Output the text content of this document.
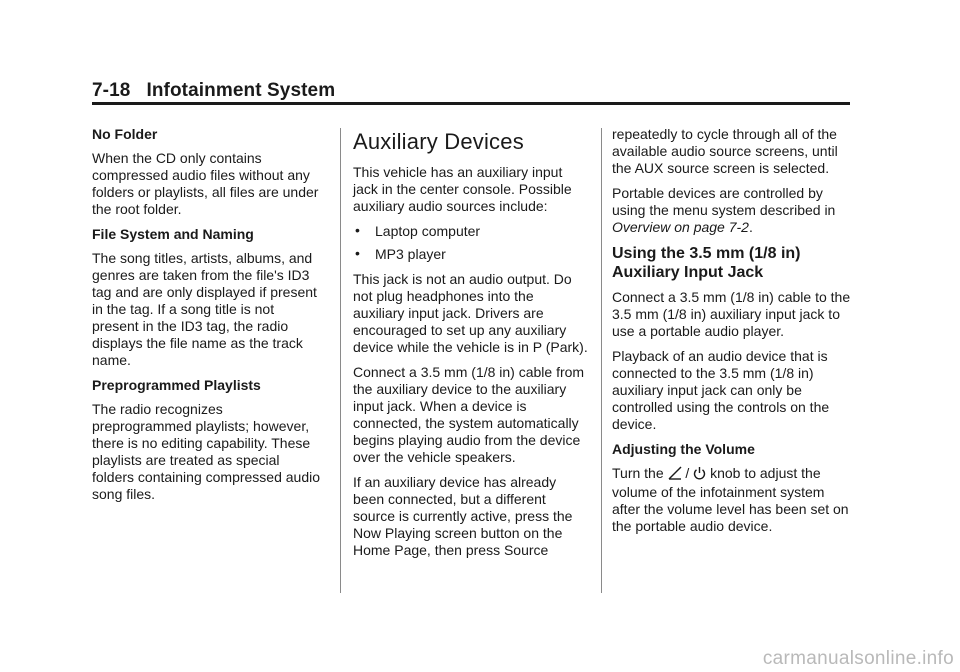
7-18 Infotainment System

No Folder

When the CD only contains compressed audio files without any folders or playlists, all files are under the root folder.

File System and Naming

The song titles, artists, albums, and genres are taken from the file's ID3 tag and are only displayed if present in the tag. If a song title is not present in the ID3 tag, the radio displays the file name as the track name.

Preprogrammed Playlists

The radio recognizes preprogrammed playlists; however, there is no editing capability. These playlists are treated as special folders containing compressed audio song files.

Auxiliary Devices

This vehicle has an auxiliary input jack in the center console. Possible auxiliary audio sources include:

• Laptop computer
• MP3 player

This jack is not an audio output. Do not plug headphones into the auxiliary input jack. Drivers are encouraged to set up any auxiliary device while the vehicle is in P (Park).

Connect a 3.5 mm (1/8 in) cable from the auxiliary device to the auxiliary input jack. When a device is connected, the system automatically begins playing audio from the device over the vehicle speakers.

If an auxiliary device has already been connected, but a different source is currently active, press the Now Playing screen button on the Home Page, then press Source

repeatedly to cycle through all of the available audio source screens, until the AUX source screen is selected.

Portable devices are controlled by using the menu system described in Overview on page 7-2.

Using the 3.5 mm (1/8 in) Auxiliary Input Jack

Connect a 3.5 mm (1/8 in) cable to the 3.5 mm (1/8 in) auxiliary input jack to use a portable audio player.

Playback of an audio device that is connected to the 3.5 mm (1/8 in) auxiliary input jack can only be controlled using the controls on the device.

Adjusting the Volume

Turn the  /  knob to adjust the volume of the infotainment system after the volume level has been set on the portable audio device.

carmanualsonline.info
